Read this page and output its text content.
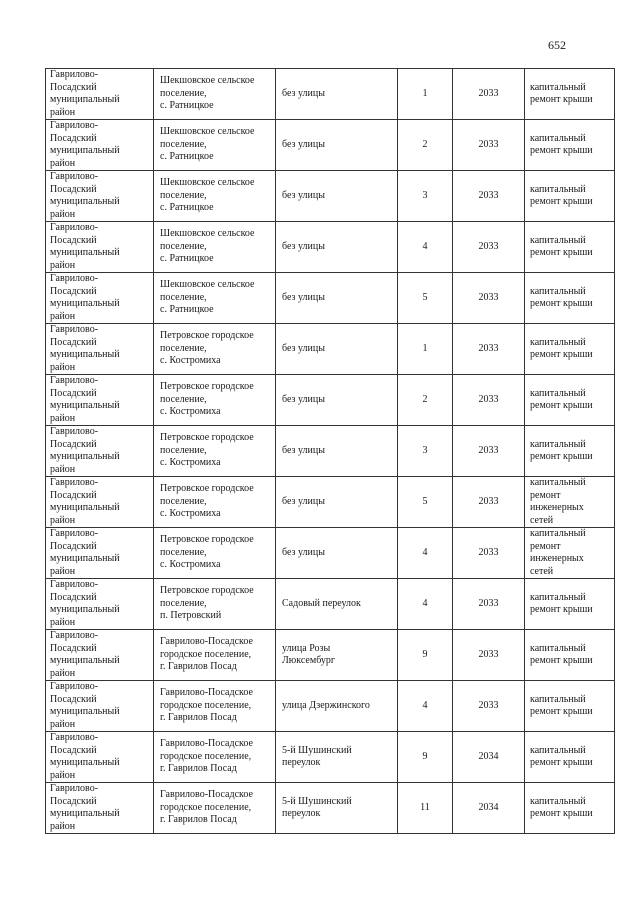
652
Гаврилово-
Посадский
муниципальный
район	Шекшовское сельское
поселение,
с. Ратницкое	без улицы	1	2033	капитальный
ремонт крыши
Гаврилово-
Посадский
муниципальный
район	Шекшовское сельское
поселение,
с. Ратницкое	без улицы	2	2033	капитальный
ремонт крыши
Гаврилово-
Посадский
муниципальный
район	Шекшовское сельское
поселение,
с. Ратницкое	без улицы	3	2033	капитальный
ремонт крыши
Гаврилово-
Посадский
муниципальный
район	Шекшовское сельское
поселение,
с. Ратницкое	без улицы	4	2033	капитальный
ремонт крыши
Гаврилово-
Посадский
муниципальный
район	Шекшовское сельское
поселение,
с. Ратницкое	без улицы	5	2033	капитальный
ремонт крыши
Гаврилово-
Посадский
муниципальный
район	Петровское городское
поселение,
с. Костромиха	без улицы	1	2033	капитальный
ремонт крыши
Гаврилово-
Посадский
муниципальный
район	Петровское городское
поселение,
с. Костромиха	без улицы	2	2033	капитальный
ремонт крыши
Гаврилово-
Посадский
муниципальный
район	Петровское городское
поселение,
с. Костромиха	без улицы	3	2033	капитальный
ремонт крыши
Гаврилово-
Посадский
муниципальный
район	Петровское городское
поселение,
с. Костромиха	без улицы	5	2033	капитальный
ремонт
инженерных
сетей
Гаврилово-
Посадский
муниципальный
район	Петровское городское
поселение,
с. Костромиха	без улицы	4	2033	капитальный
ремонт
инженерных
сетей
Гаврилово-
Посадский
муниципальный
район	Петровское городское
поселение,
п. Петровский	Садовый переулок	4	2033	капитальный
ремонт крыши
Гаврилово-
Посадский
муниципальный
район	Гаврилово-Посадское
городское поселение,
г. Гаврилов Посад	улица Розы
Люксембург	9	2033	капитальный
ремонт крыши
Гаврилово-
Посадский
муниципальный
район	Гаврилово-Посадское
городское поселение,
г. Гаврилов Посад	улица Дзержинского	4	2033	капитальный
ремонт крыши
Гаврилово-
Посадский
муниципальный
район	Гаврилово-Посадское
городское поселение,
г. Гаврилов Посад	5-й Шушинский
переулок	9	2034	капитальный
ремонт крыши
Гаврилово-
Посадский
муниципальный
район	Гаврилово-Посадское
городское поселение,
г. Гаврилов Посад	5-й Шушинский
переулок	11	2034	капитальный
ремонт крыши
